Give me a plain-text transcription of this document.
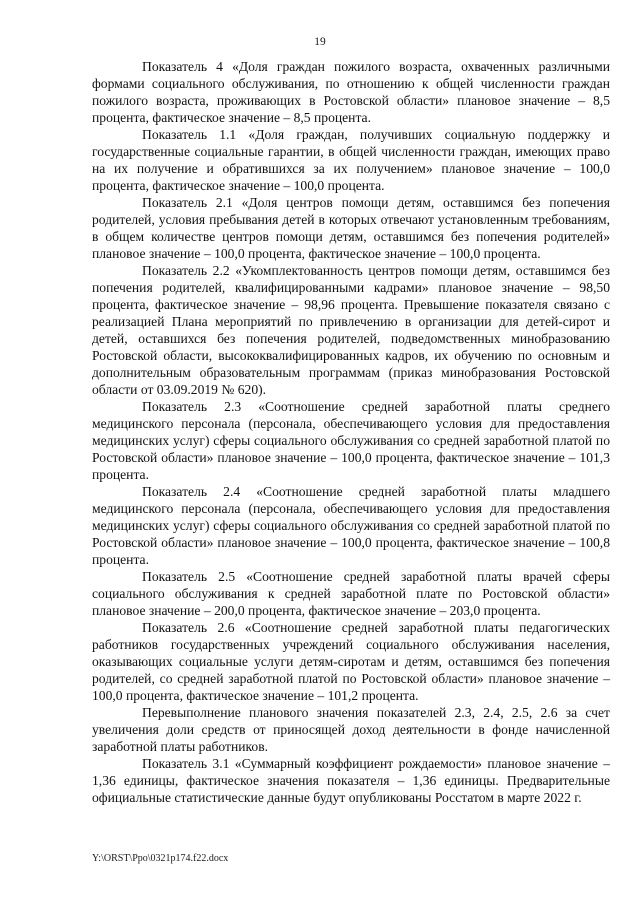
19

Показатель 4 «Доля граждан пожилого возраста, охваченных различными формами социального обслуживания, по отношению к общей численности граждан пожилого возраста, проживающих в Ростовской области» плановое значение – 8,5 процента, фактическое значение – 8,5 процента.

Показатель 1.1 «Доля граждан, получивших социальную поддержку и государственные социальные гарантии, в общей численности граждан, имеющих право на их получение и обратившихся за их получением» плановое значение – 100,0 процента, фактическое значение – 100,0 процента.

Показатель 2.1 «Доля центров помощи детям, оставшимся без попечения родителей, условия пребывания детей в которых отвечают установленным требованиям, в общем количестве центров помощи детям, оставшимся без попечения родителей» плановое значение – 100,0 процента, фактическое значение – 100,0 процента.

Показатель 2.2 «Укомплектованность центров помощи детям, оставшимся без попечения родителей, квалифицированными кадрами» плановое значение – 98,50 процента, фактическое значение – 98,96 процента. Превышение показателя связано с реализацией Плана мероприятий по привлечению в организации для детей-сирот и детей, оставшихся без попечения родителей, подведомственных минобразованию Ростовской области, высококвалифицированных кадров, их обучению по основным и дополнительным образовательным программам (приказ минобразования Ростовской области от 03.09.2019 № 620).

Показатель 2.3 «Соотношение средней заработной платы среднего медицинского персонала (персонала, обеспечивающего условия для предоставления медицинских услуг) сферы социального обслуживания со средней заработной платой по Ростовской области» плановое значение – 100,0 процента, фактическое значение – 101,3 процента.

Показатель 2.4 «Соотношение средней заработной платы младшего медицинского персонала (персонала, обеспечивающего условия для предоставления медицинских услуг) сферы социального обслуживания со средней заработной платой по Ростовской области» плановое значение – 100,0 процента, фактическое значение – 100,8 процента.

Показатель 2.5 «Соотношение средней заработной платы врачей сферы социального обслуживания к средней заработной плате по Ростовской области» плановое значение – 200,0 процента, фактическое значение – 203,0 процента.

Показатель 2.6 «Соотношение средней заработной платы педагогических работников государственных учреждений социального обслуживания населения, оказывающих социальные услуги детям-сиротам и детям, оставшимся без попечения родителей, со средней заработной платой по Ростовской области» плановое значение – 100,0 процента, фактическое значение – 101,2 процента.

Перевыполнение планового значения показателей 2.3, 2.4, 2.5, 2.6 за счет увеличения доли средств от приносящей доход деятельности в фонде начисленной заработной платы работников.

Показатель 3.1 «Суммарный коэффициент рождаемости» плановое значение – 1,36 единицы, фактическое значения показателя – 1,36 единицы. Предварительные официальные статистические данные будут опубликованы Росстатом в марте 2022 г.

Y:\ORST\Ppo\0321p174.f22.docx
